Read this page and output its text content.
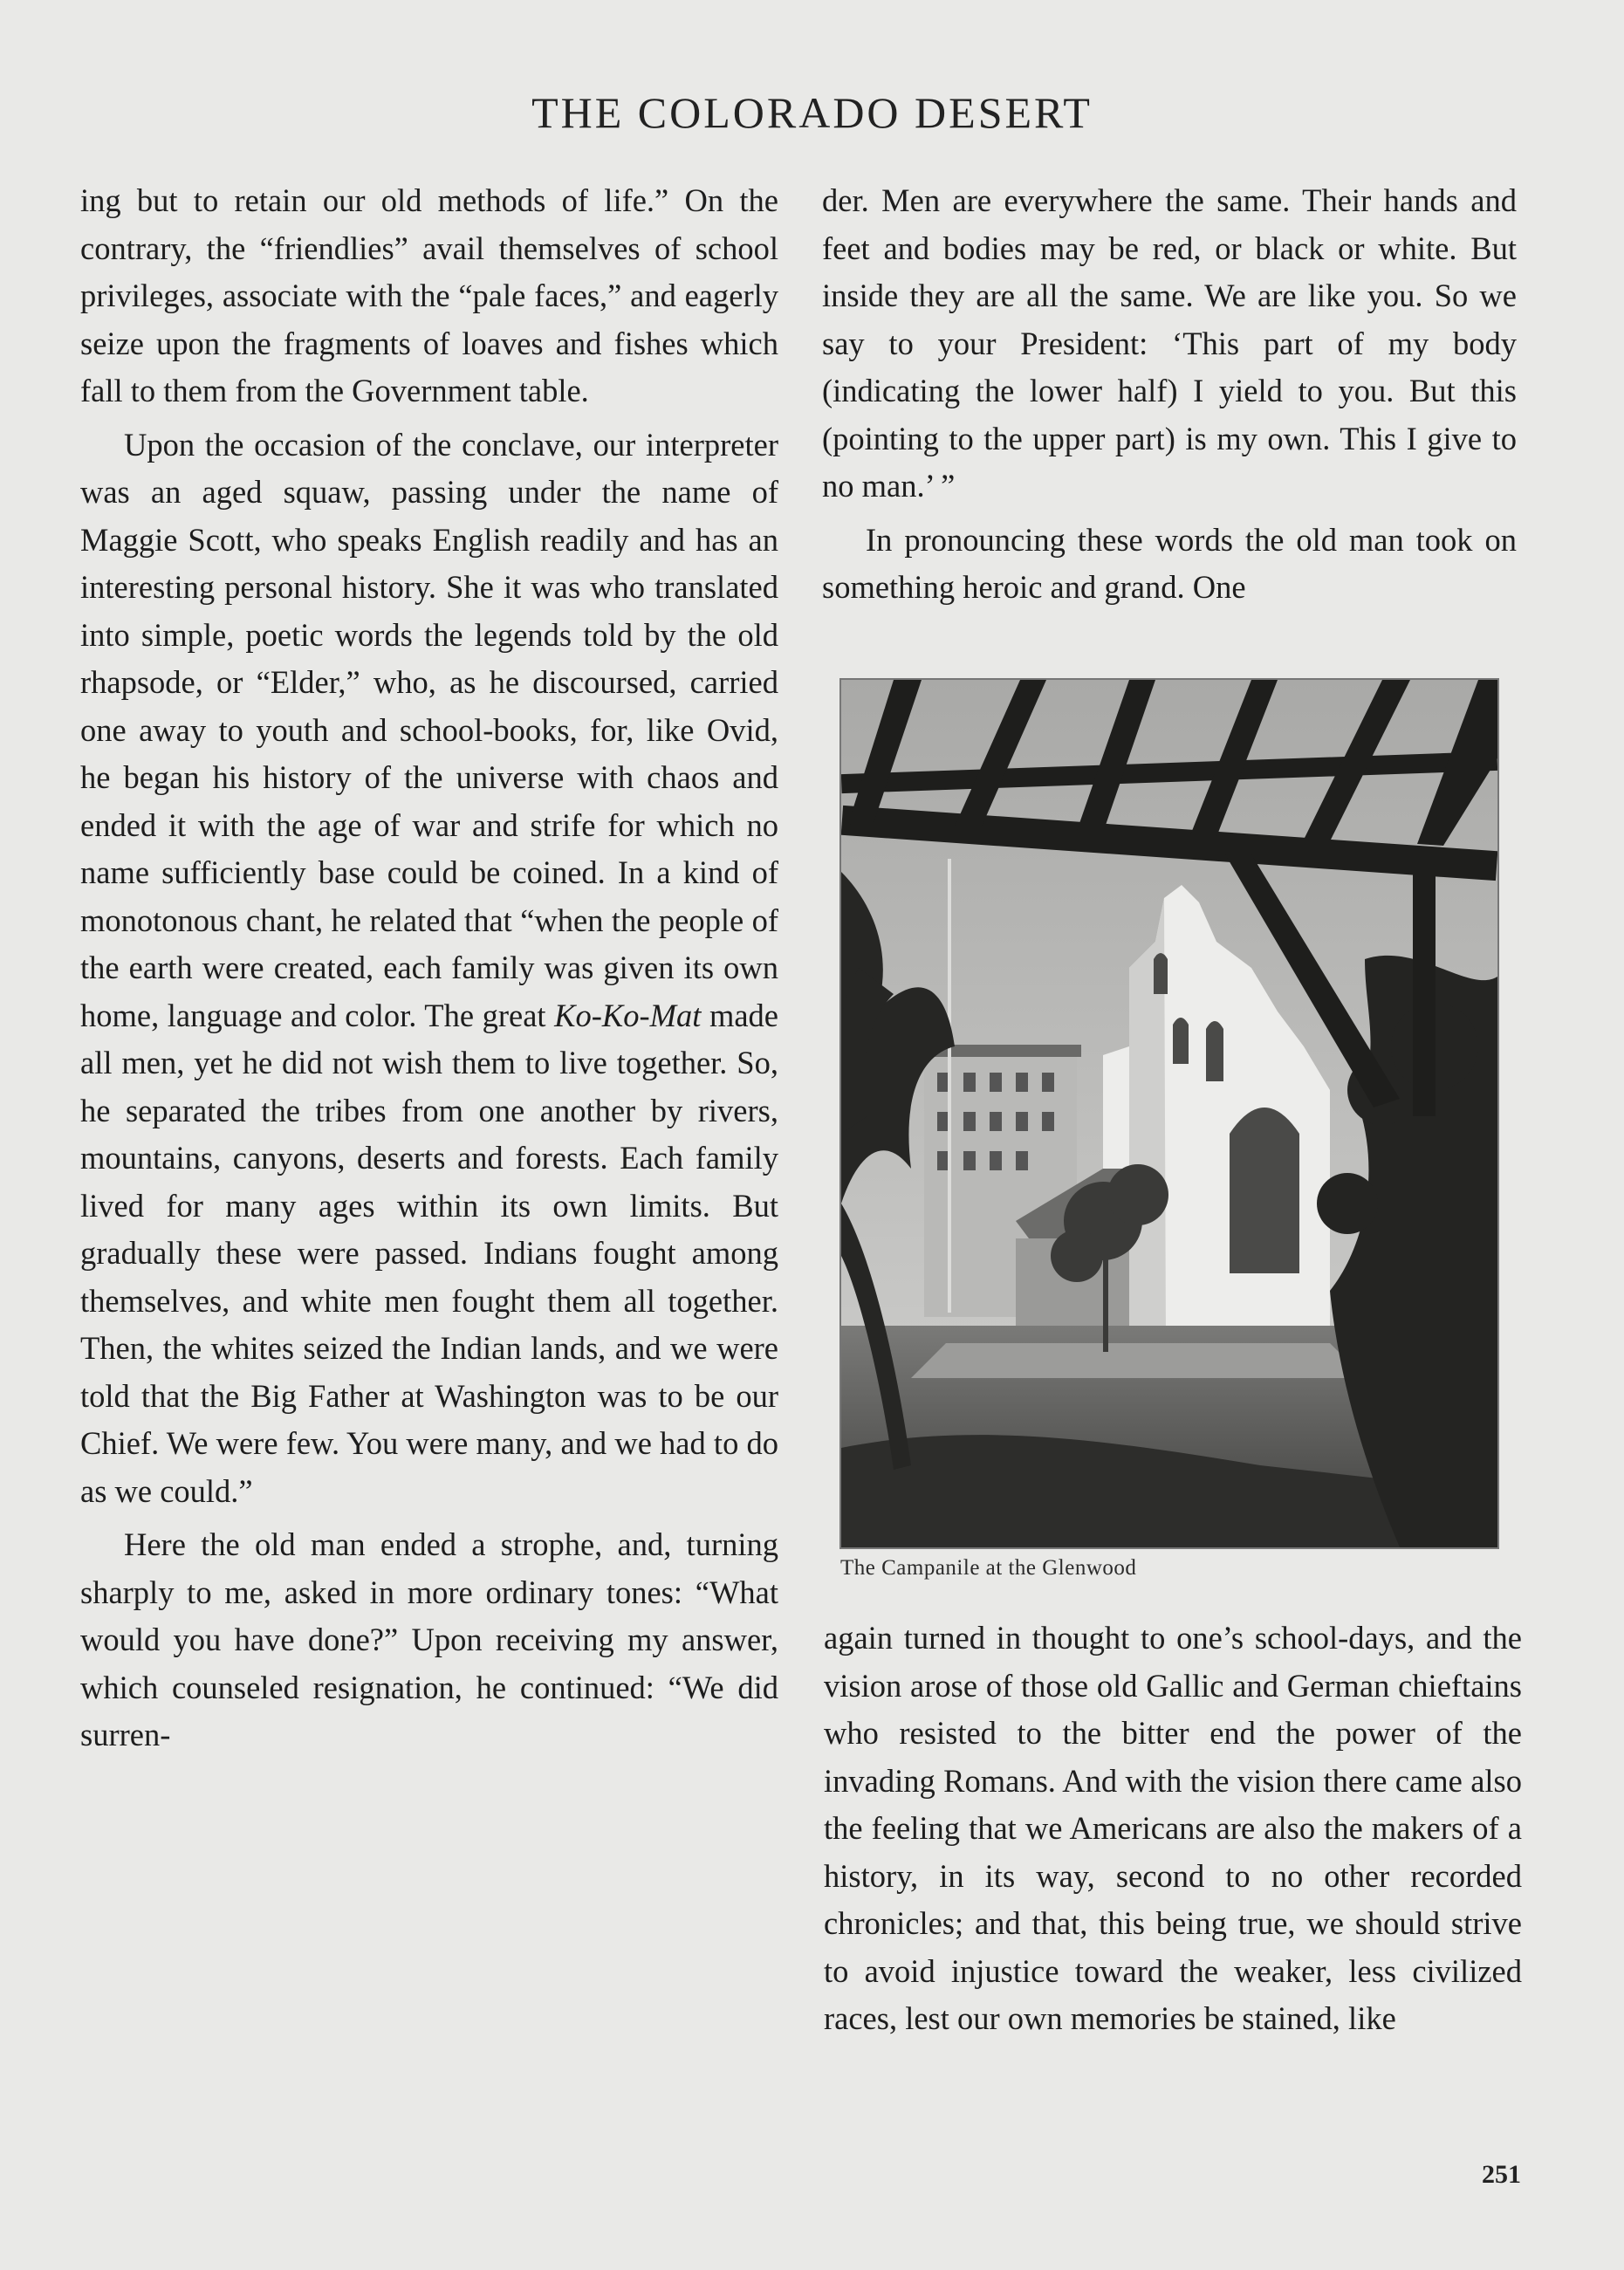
THE COLORADO DESERT

ing but to retain our old methods of life.” On the contrary, the “friendlies” avail themselves of school privileges, associate with the “pale faces,” and eagerly seize upon the fragments of loaves and fishes which fall to them from the Government table.

Upon the occasion of the conclave, our interpreter was an aged squaw, passing under the name of Maggie Scott, who speaks English readily and has an interesting personal history. She it was who translated into simple, poetic words the legends told by the old rhapsode, or “Elder,” who, as he discoursed, carried one away to youth and school-books, for, like Ovid, he began his history of the universe with chaos and ended it with the age of war and strife for which no name sufficiently base could be coined. In a kind of monotonous chant, he related that “when the people of the earth were created, each family was given its own home, language and color. The great Ko-Ko-Mat made all men, yet he did not wish them to live together. So, he separated the tribes from one another by rivers, mountains, canyons, deserts and forests. Each family lived for many ages within its own limits. But gradually these were passed. Indians fought among themselves, and white men fought them all together. Then, the whites seized the Indian lands, and we were told that the Big Father at Washington was to be our Chief. We were few. You were many, and we had to do as we could.”

Here the old man ended a strophe, and, turning sharply to me, asked in more ordinary tones: “What would you have done?” Upon receiving my answer, which counseled resignation, he continued: “We did surren-

der. Men are everywhere the same. Their hands and feet and bodies may be red, or black or white. But inside they are all the same. We are like you. So we say to your President: ‘This part of my body (indicating the lower half) I yield to you. But this (pointing to the upper part) is my own. This I give to no man.’ ”

In pronouncing these words the old man took on something heroic and grand. One

The Campanile at the Glenwood

again turned in thought to one’s school-days, and the vision arose of those old Gallic and German chieftains who resisted to the bitter end the power of the invading Romans. And with the vision there came also the feeling that we Americans are also the makers of a history, in its way, second to no other recorded chronicles; and that, this being true, we should strive to avoid injustice toward the weaker, less civilized races, lest our own memories be stained, like

251
